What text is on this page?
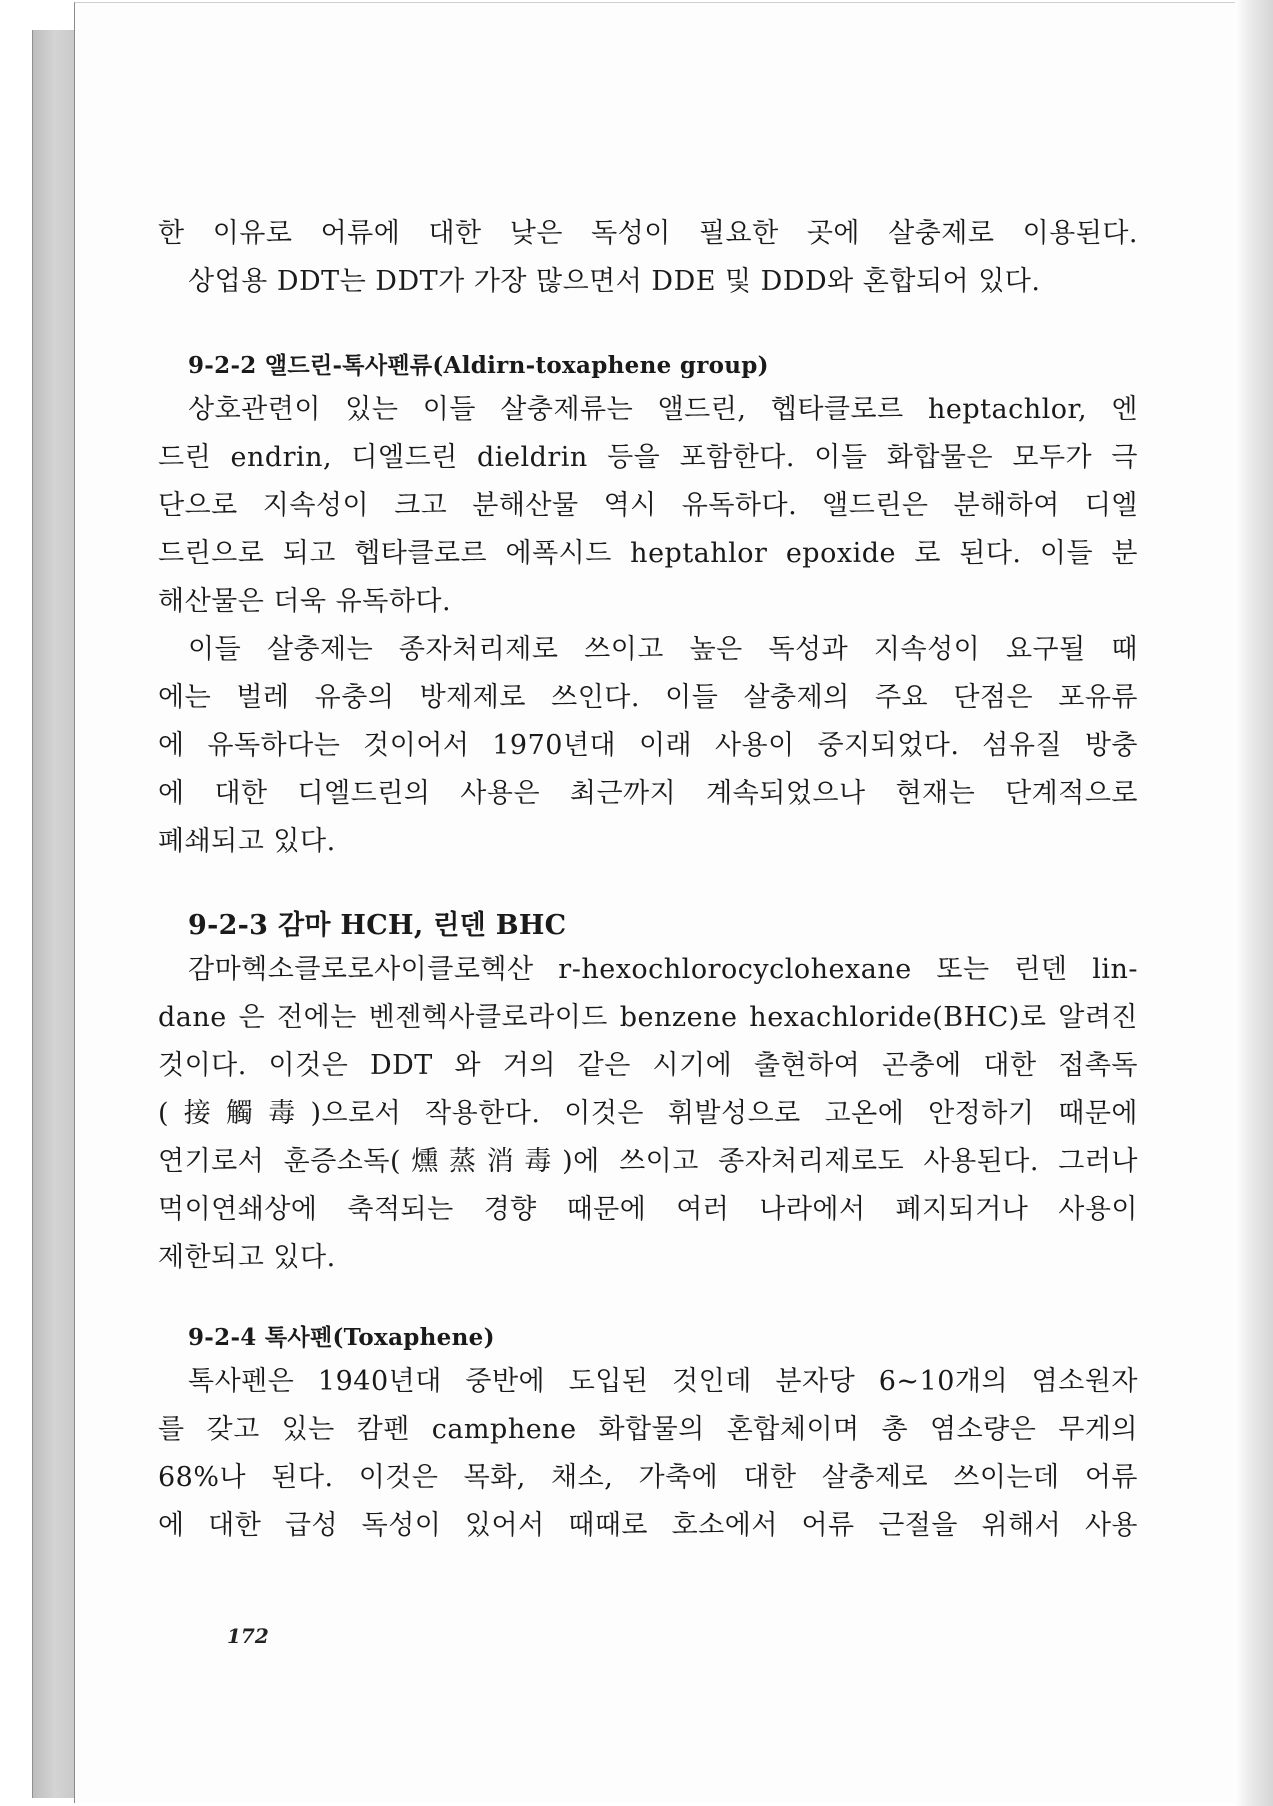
한 이유로 어류에 대한 낮은 독성이 필요한 곳에 살충제로 이용된다.
상업용 DDT는 DDT가 가장 많으면서 DDE 및 DDD와 혼합되어 있다.

9-2-2 앨드린-톡사펜류(Aldirn-toxaphene group)

상호관련이 있는 이들 살충제류는 앨드린, 헵타클로르 heptachlor, 엔
드린 endrin, 디엘드린 dieldrin 등을 포함한다. 이들 화합물은 모두가 극
단으로 지속성이 크고 분해산물 역시 유독하다. 앨드린은 분해하여 디엘
드린으로 되고 헵타클로르 에폭시드 heptahlor epoxide 로 된다. 이들 분
해산물은 더욱 유독하다.

이들 살충제는 종자처리제로 쓰이고 높은 독성과 지속성이 요구될 때
에는 벌레 유충의 방제제로 쓰인다. 이들 살충제의 주요 단점은 포유류
에 유독하다는 것이어서 1970년대 이래 사용이 중지되었다. 섬유질 방충
에 대한 디엘드린의 사용은 최근까지 계속되었으나 현재는 단계적으로
폐쇄되고 있다.

9-2-3 감마 HCH, 린덴 BHC

감마헥소클로로사이클로헥산 r-hexochlorocyclohexane 또는 린덴 lin-
dane 은 전에는 벤젠헥사클로라이드 benzene hexachloride(BHC)로 알려진
것이다. 이것은 DDT 와 거의 같은 시기에 출현하여 곤충에 대한 접촉독
(接觸毒)으로서 작용한다. 이것은 휘발성으로 고온에 안정하기 때문에
연기로서 훈증소독(燻蒸消毒)에 쓰이고 종자처리제로도 사용된다. 그러나
먹이연쇄상에 축적되는 경향 때문에 여러 나라에서 폐지되거나 사용이
제한되고 있다.

9-2-4 톡사펜(Toxaphene)

톡사펜은 1940년대 중반에 도입된 것인데 분자당 6~10개의 염소원자
를 갖고 있는 캄펜 camphene 화합물의 혼합체이며 총 염소량은 무게의
68%나 된다. 이것은 목화, 채소, 가축에 대한 살충제로 쓰이는데 어류
에 대한 급성 독성이 있어서 때때로 호소에서 어류 근절을 위해서 사용

172
